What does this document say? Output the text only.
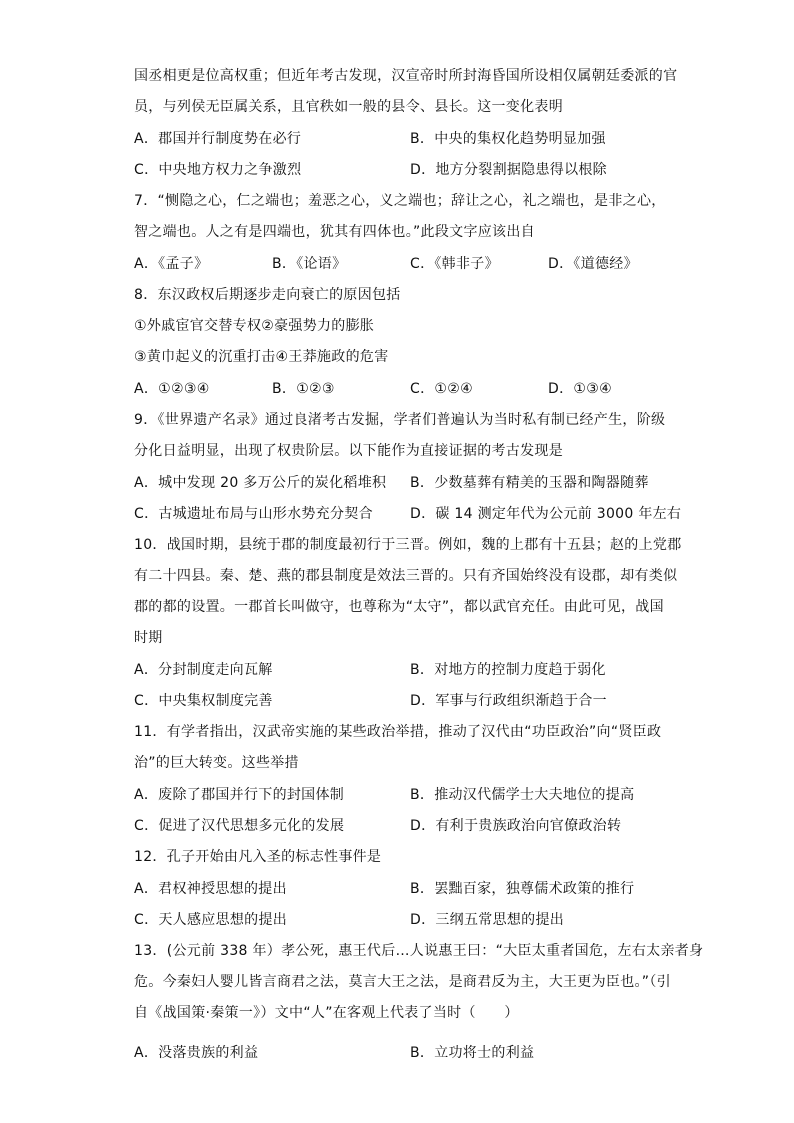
国丞相更是位高权重；但近年考古发现，汉宣帝时所封海昏国所设相仅属朝廷委派的官
员，与列侯无臣属关系，且官秩如一般的县令、县长。这一变化表明
A．郡国并行制度势在必行	B．中央的集权化趋势明显加强
C．中央地方权力之争激烈	D．地方分裂割据隐患得以根除
7．“恻隐之心，仁之端也；羞恶之心，义之端也；辞让之心，礼之端也，是非之心，
智之端也。人之有是四端也，犹其有四体也。”此段文字应该出自
A．《孟子》	B．《论语》	C．《韩非子》	D．《道德经》
8．东汉政权后期逐步走向衰亡的原因包括
①外戚宦官交替专权②豪强势力的膨胀
③黄巾起义的沉重打击④王莽施政的危害
A．①②③④	B．①②③	C．①②④	D．①③④
9．《世界遗产名录》通过良渚考古发掘，学者们普遍认为当时私有制已经产生，阶级
分化日益明显，出现了权贵阶层。以下能作为直接证据的考古发现是
A．城中发现 20 多万公斤的炭化稻堆积 B．少数墓葬有精美的玉器和陶器随葬
C．古城遗址布局与山形水势充分契合	D．碳 14 测定年代为公元前 3000 年左右
10．战国时期，县统于郡的制度最初行于三晋。例如，魏的上郡有十五县；赵的上党郡
有二十四县。秦、楚、燕的郡县制度是效法三晋的。只有齐国始终没有设郡，却有类似
郡的都的设置。一郡首长叫做守，也尊称为“太守”，都以武官充任。由此可见，战国
时期
A．分封制度走向瓦解	B．对地方的控制力度趋于弱化
C．中央集权制度完善	D．军事与行政组织渐趋于合一
11．有学者指出，汉武帝实施的某些政治举措，推动了汉代由“功臣政治”向“贤臣政
治”的巨大转变。这些举措
A．废除了郡国并行下的封国体制	B．推动汉代儒学士大夫地位的提高
C．促进了汉代思想多元化的发展	D．有利于贵族政治向官僚政治转
12．孔子开始由凡入圣的标志性事件是
A．君权神授思想的提出	B．罢黜百家，独尊儒术政策的推行
C．天人感应思想的提出	D．三纲五常思想的提出
13．(公元前 338 年）孝公死，惠王代后…人说惠王曰：“大臣太重者国危，左右太亲者身
危。今秦妇人婴儿皆言商君之法，莫言大王之法，是商君反为主，大王更为臣也。”（引
自《战国策·秦策一》）文中“人”在客观上代表了当时（　　）
A．没落贵族的利益	B．立功将士的利益
